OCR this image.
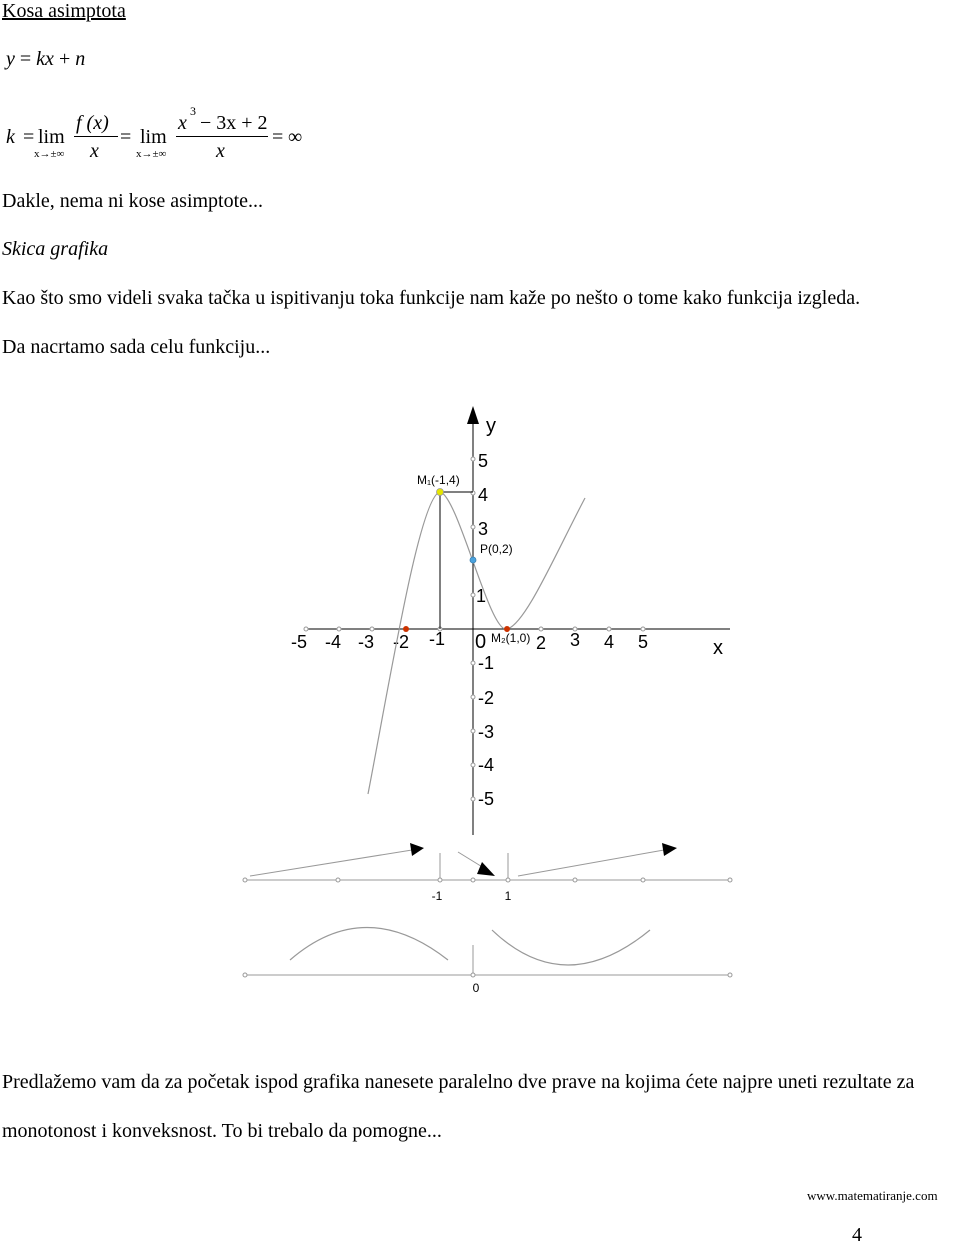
Kosa asimptota
y = kx + n
k = lim
x→±∞
f (x)
x
= lim
x→±∞
x
3
− 3x + 2
x
= ∞
Dakle, nema ni kose asimptote...
Skica grafika
Kao što smo videli svaka tačka u ispitivanju toka funkcije nam kaže po nešto o tome kako funkcija izgleda.
Da nacrtamo sada celu funkciju...
y
x
0
-5 -4 -3 -2 -1	2 3 4 5
5
4
3
1
-1
-2
-3
-4
-5
M₁(-1,4)
P(0,2)
M₂(1,0)
-1	1
0
Predlažemo vam da za početak ispod grafika nanesete paralelno dve prave na kojima ćete najpre uneti rezultate za
monotonost i konveksnost. To bi trebalo da pomogne...
www.matematiranje.com
4
